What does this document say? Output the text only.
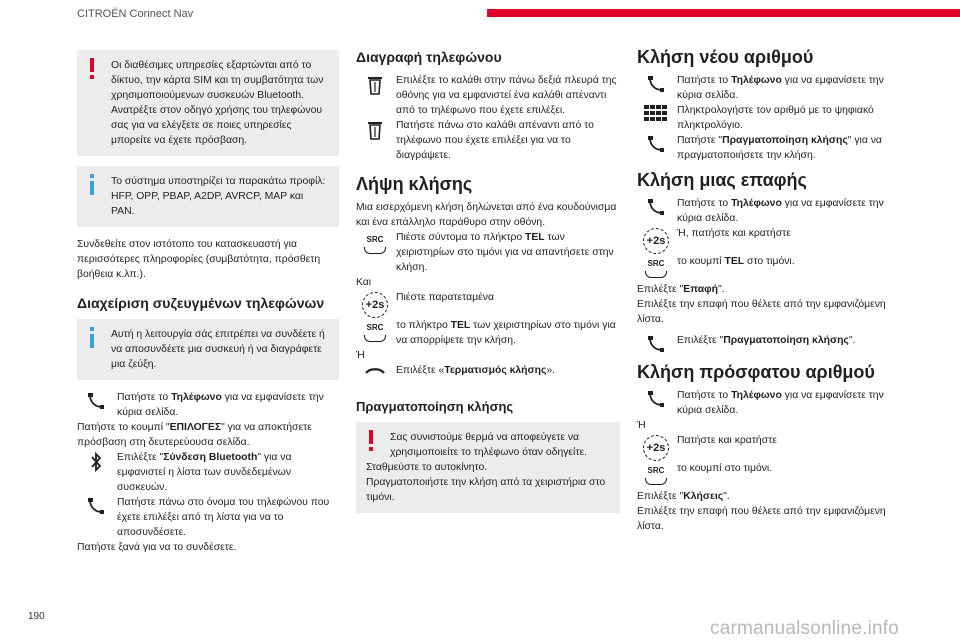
CITROËN Connect Nav

Οι διαθέσιμες υπηρεσίες εξαρτώνται από το δίκτυο, την κάρτα SIM και τη συμβατότητα των χρησιμοποιούμενων συσκευών Bluetooth. Ανατρέξτε στον οδηγό χρήσης του τηλεφώνου σας για να ελέγξετε σε ποιες υπηρεσίες μπορείτε να έχετε πρόσβαση.

Το σύστημα υποστηρίζει τα παρακάτω προφίλ: HFP, OPP, PBAP, A2DP, AVRCP, MAP και PAN.

Συνδεθείτε στον ιστότοπο του κατασκευαστή για περισσότερες πληροφορίες (συμβατότητα, πρόσθετη βοήθεια κ.λπ.).

Διαχείριση συζευγμένων τηλεφώνων

Αυτή η λειτουργία σάς επιτρέπει να συνδέετε ή να αποσυνδέετε μια συσκευή ή να διαγράφετε μια ζεύξη.

Πατήστε το Τηλέφωνο για να εμφανίσετε την κύρια σελίδα.

Πατήστε το κουμπί "ΕΠΙΛΟΓΕΣ" για να αποκτήσετε πρόσβαση στη δευτερεύουσα σελίδα.

Επιλέξτε "Σύνδεση Bluetooth" για να εμφανιστεί η λίστα των συνδεδεμένων συσκευών.

Πατήστε πάνω στο όνομα του τηλεφώνου που έχετε επιλέξει από τη λίστα για να το αποσυνδέσετε.

Πατήστε ξανά για να το συνδέσετε.

Διαγραφή τηλεφώνου

Επιλέξτε το καλάθι στην πάνω δεξιά πλευρά της οθόνης για να εμφανιστεί ένα καλάθι απέναντι από το τηλέφωνο που έχετε επιλέξει.

Πατήστε πάνω στο καλάθι απέναντι από το τηλέφωνο που έχετε επιλέξει για να το διαγράψετε.

Λήψη κλήσης

Μια εισερχόμενη κλήση δηλώνεται από ένα κουδούνισμα και ένα επάλληλο παράθυρο στην οθόνη.

SRC	Πιέστε σύντομα το πλήκτρο TEL των χειριστηρίων στο τιμόνι για να απαντήσετε στην κλήση.

Και

+2s

Πιέστε παρατεταμένα

SRC	το πλήκτρο TEL των χειριστηρίων στο τιμόνι για να απορρίψετε την κλήση.

Ή

Επιλέξτε «Τερματισμός κλήσης».

Πραγματοποίηση κλήσης

Σας συνιστούμε θερμά να αποφεύγετε να χρησιμοποιείτε το τηλέφωνο όταν οδηγείτε.

Σταθμεύστε το αυτοκίνητο.

Πραγματοποιήστε την κλήση από τα χειριστήρια στο τιμόνι.

Κλήση νέου αριθμού

Πατήστε το Τηλέφωνο για να εμφανίσετε την κύρια σελίδα.

Πληκτρολογήστε τον αριθμό με το ψηφιακό πληκτρολόγιο.

Πατήστε "Πραγματοποίηση κλήσης" για να πραγματοποιήσετε την κλήση.

Κλήση μιας επαφής

Πατήστε το Τηλέφωνο για να εμφανίσετε την κύρια σελίδα.

+2s

Ή, πατήστε και κρατήστε

SRC	το κουμπί TEL στο τιμόνι.

Επιλέξτε "Επαφή".

Επιλέξτε την επαφή που θέλετε από την εμφανιζόμενη λίστα.

Επιλέξτε "Πραγματοποίηση κλήσης".

Κλήση πρόσφατου αριθμού

Πατήστε το Τηλέφωνο για να εμφανίσετε την κύρια σελίδα.

Ή

+2s

Πατήστε και κρατήστε

SRC	το κουμπί στο τιμόνι.

Επιλέξτε "Κλήσεις".

Επιλέξτε την επαφή που θέλετε από την εμφανιζόμενη λίστα.

190
carmanualsonline.info
